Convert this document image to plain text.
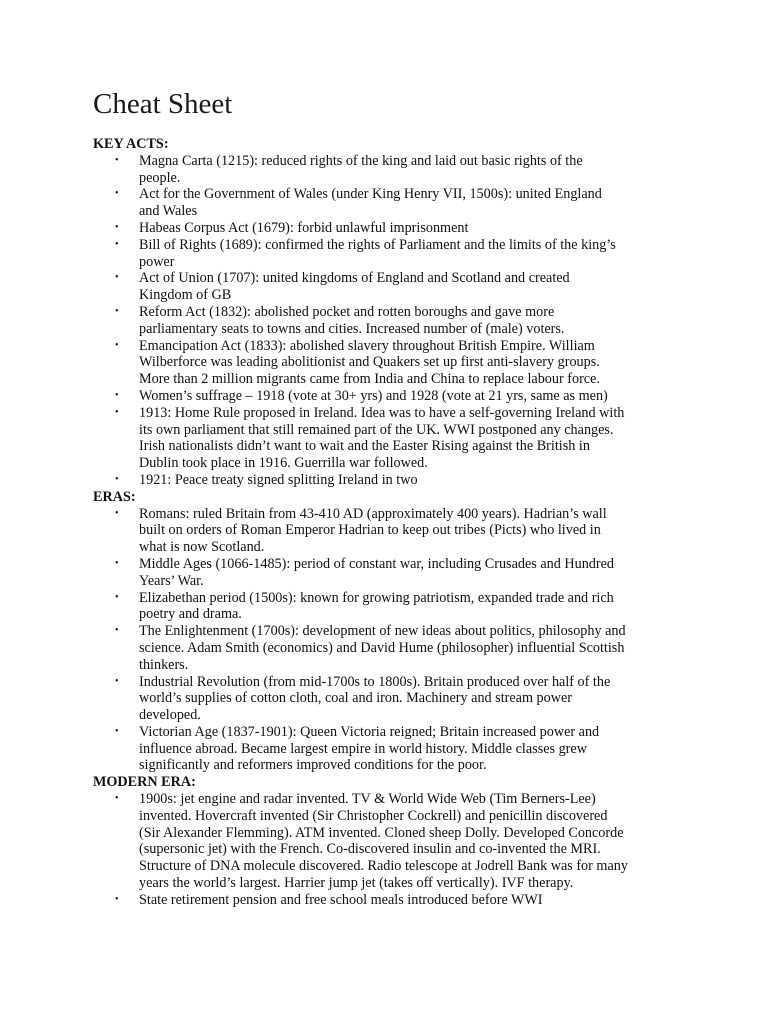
Cheat Sheet
KEY ACTS:
• Magna Carta (1215): reduced rights of the king and laid out basic rights of the
people.
• Act for the Government of Wales (under King Henry VII, 1500s): united England
and Wales
• Habeas Corpus Act (1679): forbid unlawful imprisonment
• Bill of Rights (1689): confirmed the rights of Parliament and the limits of the king’s
power
• Act of Union (1707): united kingdoms of England and Scotland and created
Kingdom of GB
• Reform Act (1832): abolished pocket and rotten boroughs and gave more
parliamentary seats to towns and cities. Increased number of (male) voters.
• Emancipation Act (1833): abolished slavery throughout British Empire. William
Wilberforce was leading abolitionist and Quakers set up first anti-slavery groups.
More than 2 million migrants came from India and China to replace labour force.
• Women’s suffrage – 1918 (vote at 30+ yrs) and 1928 (vote at 21 yrs, same as men)
• 1913: Home Rule proposed in Ireland. Idea was to have a self-governing Ireland with
its own parliament that still remained part of the UK. WWI postponed any changes.
Irish nationalists didn’t want to wait and the Easter Rising against the British in
Dublin took place in 1916. Guerrilla war followed.
• 1921: Peace treaty signed splitting Ireland in two
ERAS:
• Romans: ruled Britain from 43-410 AD (approximately 400 years). Hadrian’s wall
built on orders of Roman Emperor Hadrian to keep out tribes (Picts) who lived in
what is now Scotland.
• Middle Ages (1066-1485): period of constant war, including Crusades and Hundred
Years’ War.
• Elizabethan period (1500s): known for growing patriotism, expanded trade and rich
poetry and drama.
• The Enlightenment (1700s): development of new ideas about politics, philosophy and
science. Adam Smith (economics) and David Hume (philosopher) influential Scottish
thinkers.
• Industrial Revolution (from mid-1700s to 1800s). Britain produced over half of the
world’s supplies of cotton cloth, coal and iron. Machinery and stream power
developed.
• Victorian Age (1837-1901): Queen Victoria reigned; Britain increased power and
influence abroad. Became largest empire in world history. Middle classes grew
significantly and reformers improved conditions for the poor.
MODERN ERA:
• 1900s: jet engine and radar invented. TV & World Wide Web (Tim Berners-Lee)
invented. Hovercraft invented (Sir Christopher Cockrell) and penicillin discovered
(Sir Alexander Flemming). ATM invented. Cloned sheep Dolly. Developed Concorde
(supersonic jet) with the French. Co-discovered insulin and co-invented the MRI.
Structure of DNA molecule discovered. Radio telescope at Jodrell Bank was for many
years the world’s largest. Harrier jump jet (takes off vertically). IVF therapy.
• State retirement pension and free school meals introduced before WWI
